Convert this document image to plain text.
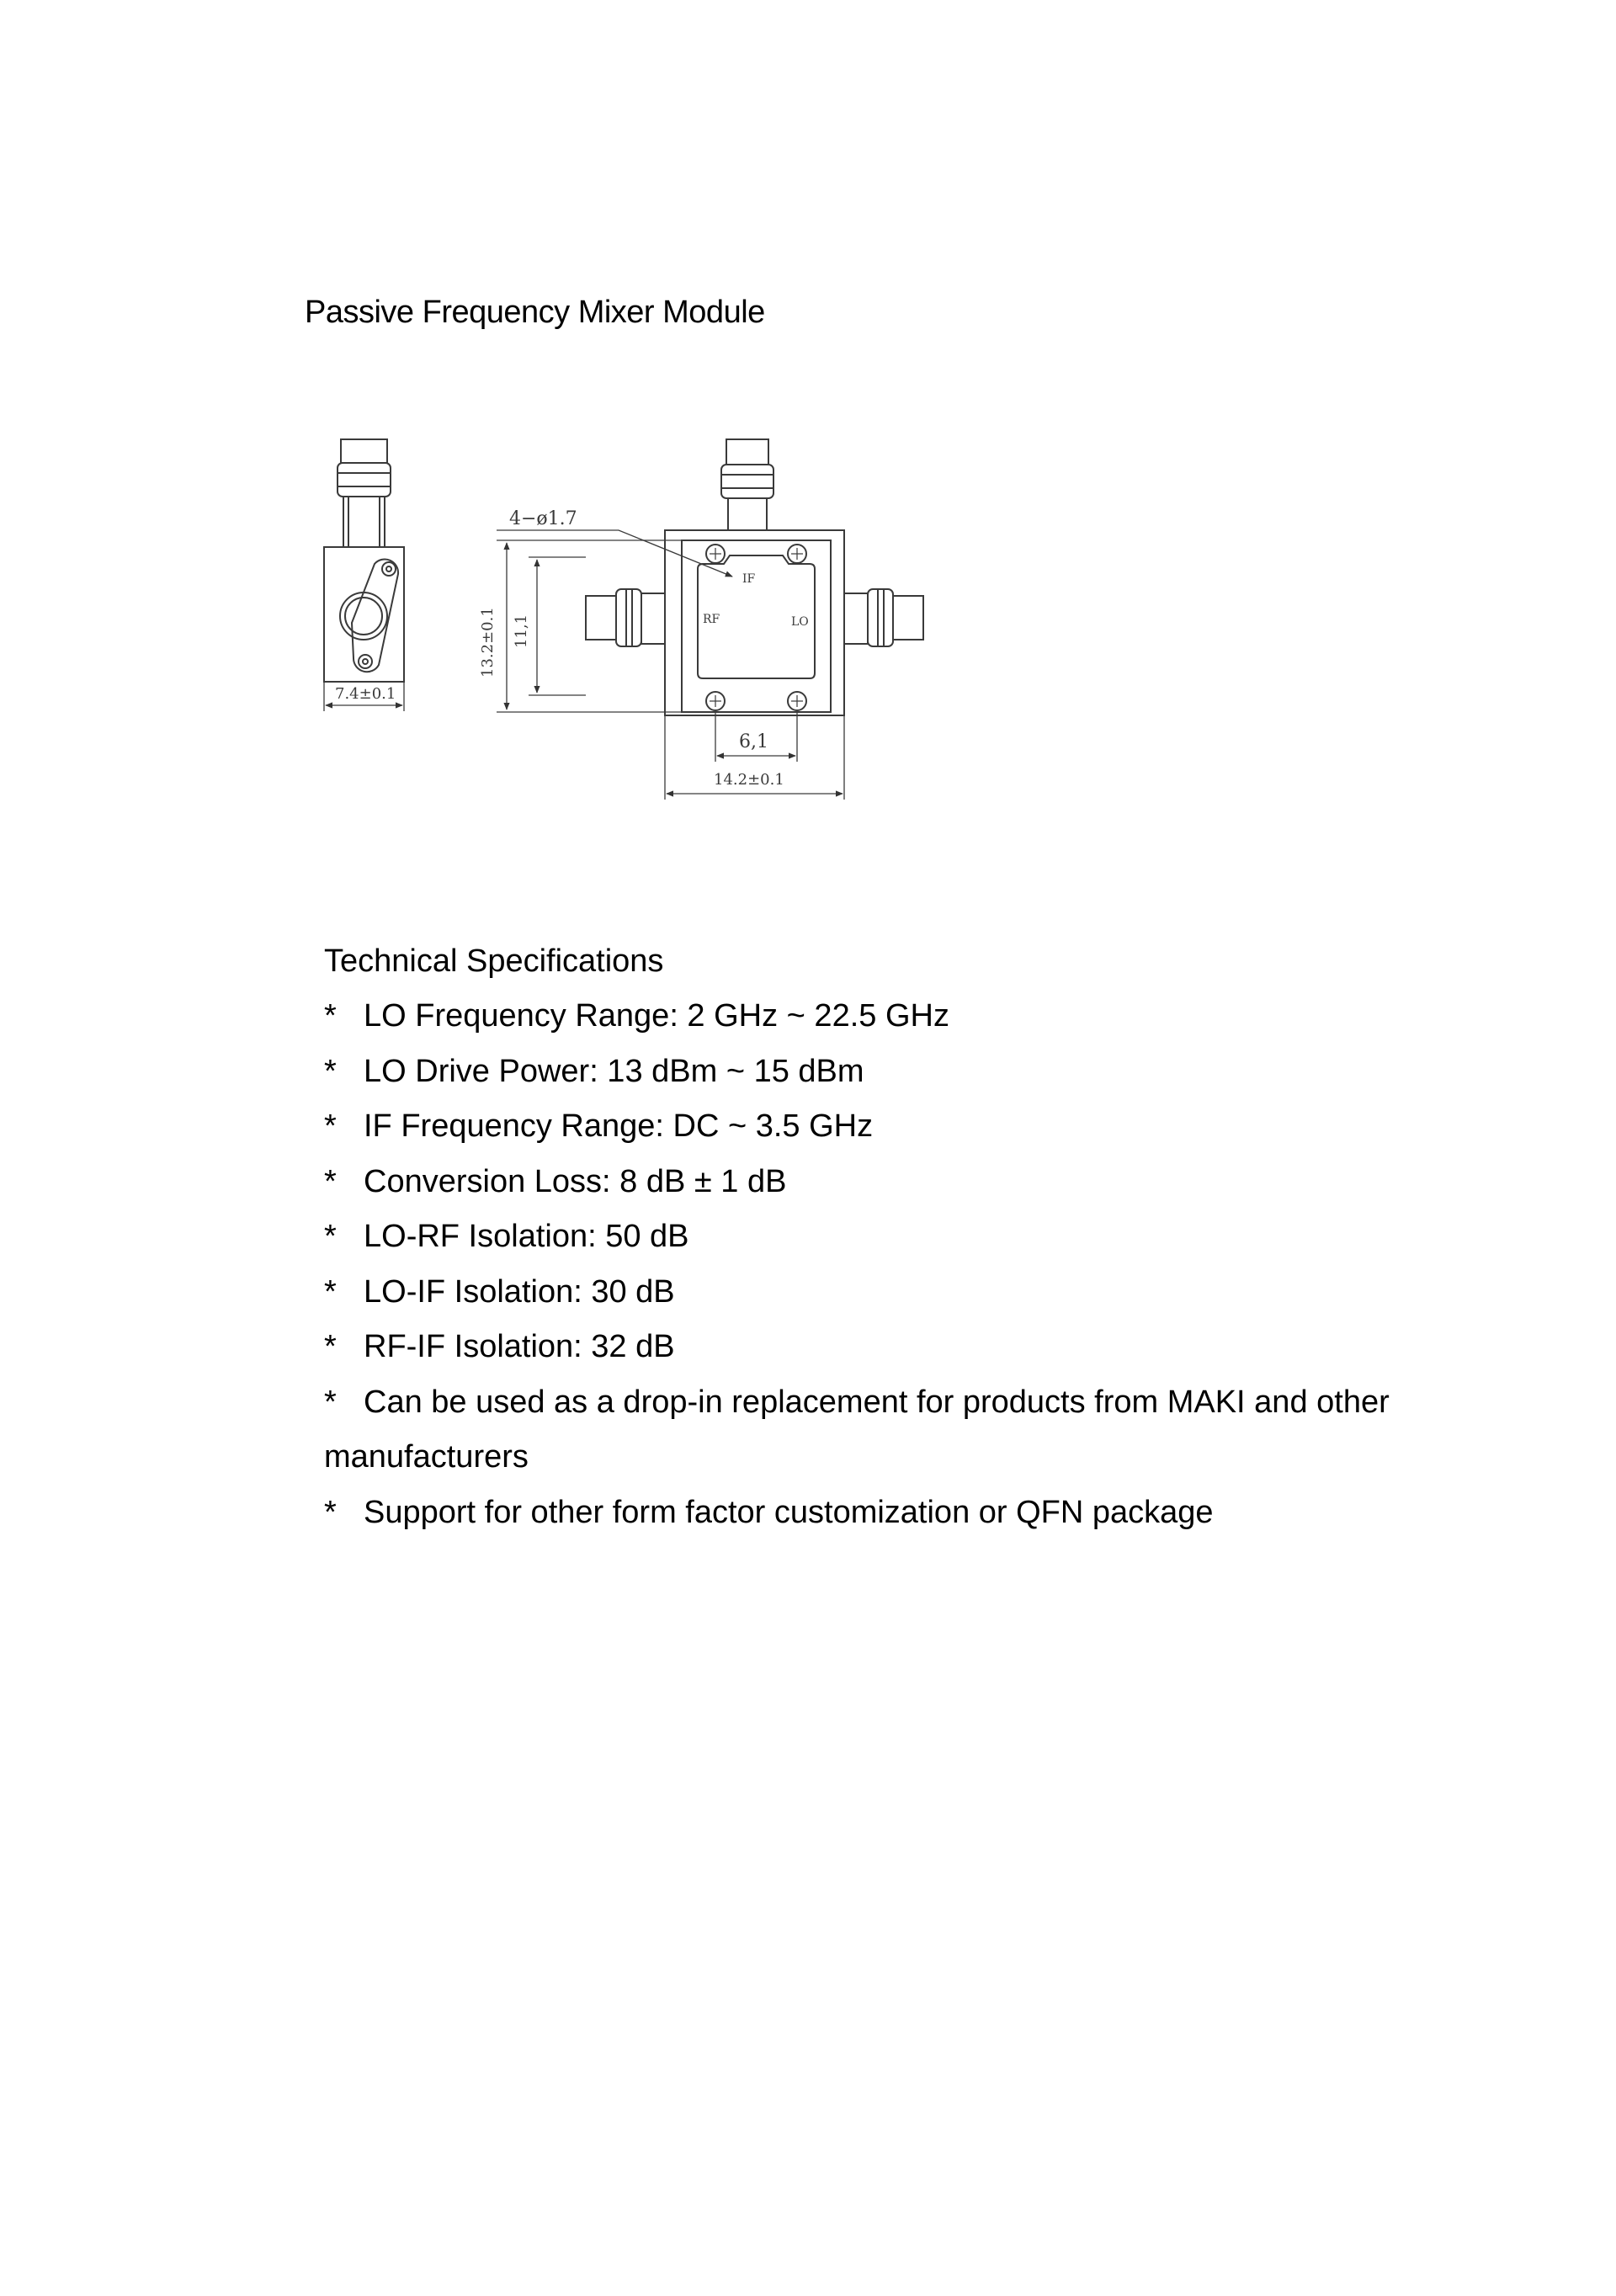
Passive Frequency Mixer Module
4−ø1.7
IF
RF	LO
7.4±0.1
13.2±0.1 11,1
6,1
14.2±0.1
Technical Specifications
* LO Frequency Range: 2 GHz ~ 22.5 GHz
* LO Drive Power: 13 dBm ~ 15 dBm
* IF Frequency Range: DC ~ 3.5 GHz
* Conversion Loss: 8 dB ± 1 dB
* LO-RF Isolation: 50 dB
* LO-IF Isolation: 30 dB
* RF-IF Isolation: 32 dB
* Can be used as a drop-in replacement for products from MAKI and other manufacturers
* Support for other form factor customization or QFN package
